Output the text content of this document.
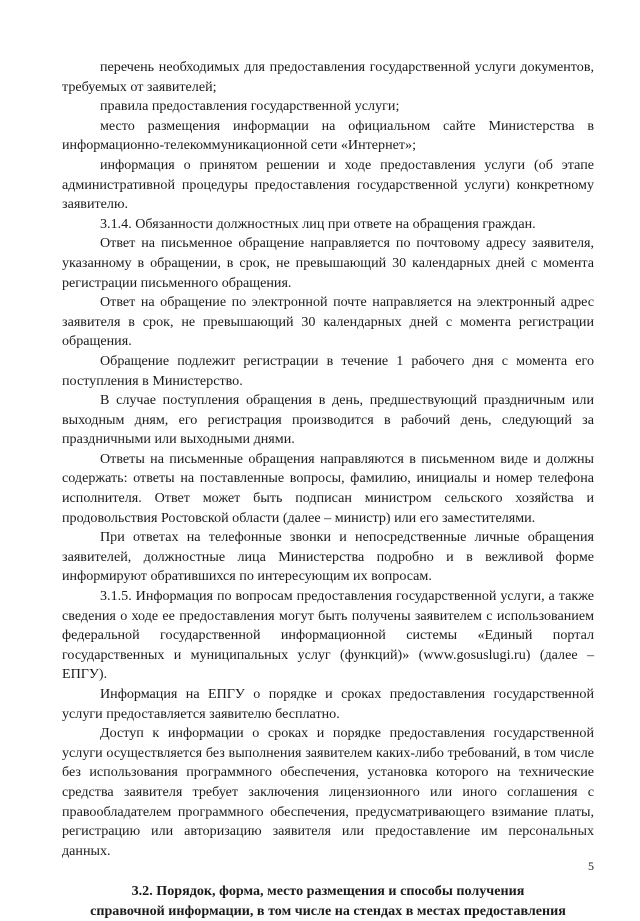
перечень необходимых для предоставления государственной услуги документов, требуемых от заявителей;

правила предоставления государственной услуги;

место размещения информации на официальном сайте Министерства в информационно-телекоммуникационной сети «Интернет»;

информация о принятом решении и ходе предоставления услуги (об этапе административной процедуры предоставления государственной услуги) конкретному заявителю.

3.1.4. Обязанности должностных лиц при ответе на обращения граждан.

Ответ на письменное обращение направляется по почтовому адресу заявителя, указанному в обращении, в срок, не превышающий 30 календарных дней с момента регистрации письменного обращения.

Ответ на обращение по электронной почте направляется на электронный адрес заявителя в срок, не превышающий 30 календарных дней с момента регистрации обращения.

Обращение подлежит регистрации в течение 1 рабочего дня с момента его поступления в Министерство.

В случае поступления обращения в день, предшествующий праздничным или выходным дням, его регистрация производится в рабочий день, следующий за праздничными или выходными днями.

Ответы на письменные обращения направляются в письменном виде и должны содержать: ответы на поставленные вопросы, фамилию, инициалы и номер телефона исполнителя. Ответ может быть подписан министром сельского хозяйства и продовольствия Ростовской области (далее – министр) или его заместителями.

При ответах на телефонные звонки и непосредственные личные обращения заявителей, должностные лица Министерства подробно и в вежливой форме информируют обратившихся по интересующим их вопросам.

3.1.5. Информация по вопросам предоставления государственной услуги, а также сведения о ходе ее предоставления могут быть получены заявителем с использованием федеральной государственной информационной системы «Единый портал государственных и муниципальных услуг (функций)» (www.gosuslugi.ru) (далее – ЕПГУ).

Информация на ЕПГУ о порядке и сроках предоставления государственной услуги предоставляется заявителю бесплатно.

Доступ к информации о сроках и порядке предоставления государственной услуги осуществляется без выполнения заявителем каких-либо требований, в том числе без использования программного обеспечения, установка которого на технические средства заявителя требует заключения лицензионного или иного соглашения с правообладателем программного обеспечения, предусматривающего взимание платы, регистрацию или авторизацию заявителя или предоставление им персональных данных.

3.2. Порядок, форма, место размещения и способы получения
справочной информации, в том числе на стендах в местах предоставления
5
